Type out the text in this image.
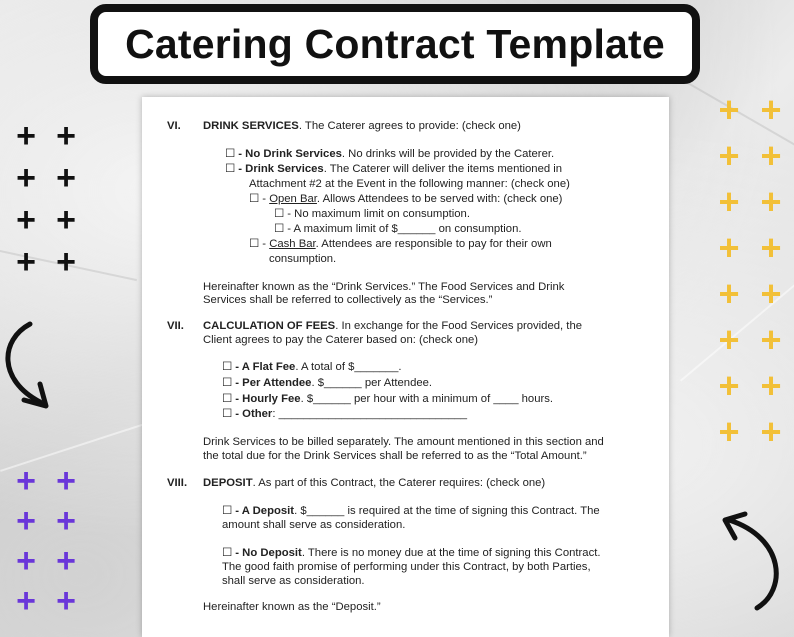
Catering Contract Template
+ +
+ +
+ +
+ +
+ +
+ +
+ +
+ +
+ +
+ +
+ +
+ +
+ +
+ +
+ +
+ +
VI. DRINK SERVICES. The Caterer agrees to provide: (check one)
☐ - No Drink Services. No drinks will be provided by the Caterer.
☐ - Drink Services. The Caterer will deliver the items mentioned in
Attachment #2 at the Event in the following manner: (check one)
☐ - Open Bar. Allows Attendees to be served with: (check one)
☐ - No maximum limit on consumption.
☐ - A maximum limit of $______ on consumption.
☐ - Cash Bar. Attendees are responsible to pay for their own
consumption.
Hereinafter known as the “Drink Services.” The Food Services and Drink
Services shall be referred to collectively as the “Services.”
VII. CALCULATION OF FEES. In exchange for the Food Services provided, the
Client agrees to pay the Caterer based on: (check one)
☐ - A Flat Fee. A total of $_______.
☐ - Per Attendee. $______ per Attendee.
☐ - Hourly Fee. $______ per hour with a minimum of ____ hours.
☐ - Other: ______________________________
Drink Services to be billed separately. The amount mentioned in this section and
the total due for the Drink Services shall be referred to as the “Total Amount.”
VIII. DEPOSIT. As part of this Contract, the Caterer requires: (check one)
☐ - A Deposit. $______ is required at the time of signing this Contract. The
amount shall serve as consideration.
☐ - No Deposit. There is no money due at the time of signing this Contract.
The good faith promise of performing under this Contract, by both Parties,
shall serve as consideration.
Hereinafter known as the “Deposit.”
